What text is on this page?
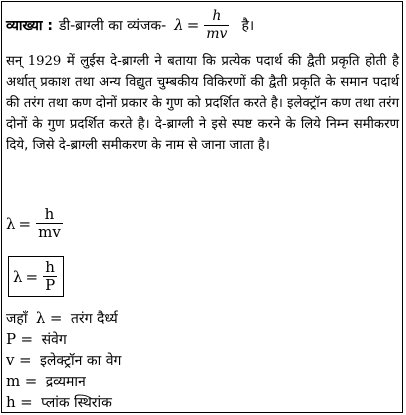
व्याख्या : डी-ब्राग्ली का व्यंजक- $\lambda = \frac{h}{mv}$ है।
सन् 1929 में लुईस दे-ब्राग्ली ने बताया कि प्रत्येक पदार्थ की द्वैती प्रकृति होती है अर्थात् प्रकाश तथा अन्य विद्युत चुम्बकीय विकिरणों की द्वैती प्रकृति के समान पदार्थ की तरंग तथा कण दोनों प्रकार के गुण को प्रदर्शित करते है। इलेक्ट्रॉन कण तथा तरंग दोनों के गुण प्रदर्शित करते है। दे-ब्राग्ली ने इसे स्पष्ट करने के लिये निम्न समीकरण दिये, जिसे दे-ब्राग्ली समीकरण के नाम से जाना जाता है।
$\lambda = \frac{h}{mv}$
$\lambda = \frac{h}{P}$
जहाँ λ = तरंग दैर्ध्य
P = संवेग
v = इलेक्ट्रॉन का वेग
m = द्रव्यमान
h = प्लांक स्थिरांक
